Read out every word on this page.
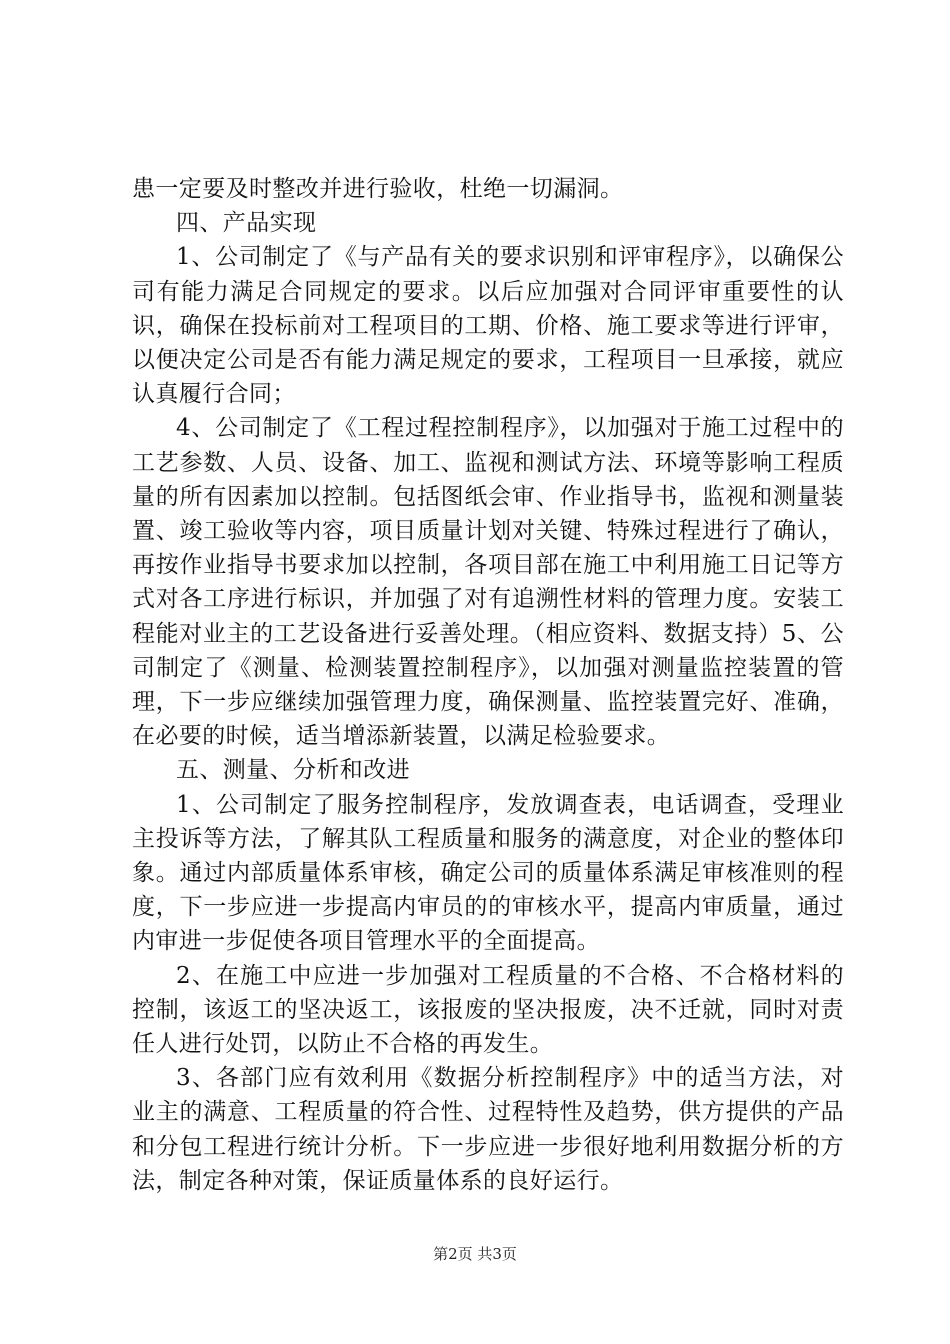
患一定要及时整改并进行验收，杜绝一切漏洞。

四、产品实现

1、公司制定了《与产品有关的要求识别和评审程序》，以确保公司有能力满足合同规定的要求。以后应加强对合同评审重要性的认识，确保在投标前对工程项目的工期、价格、施工要求等进行评审，以便决定公司是否有能力满足规定的要求，工程项目一旦承接，就应认真履行合同；

4、公司制定了《工程过程控制程序》，以加强对于施工过程中的工艺参数、人员、设备、加工、监视和测试方法、环境等影响工程质量的所有因素加以控制。包括图纸会审、作业指导书，监视和测量装置、竣工验收等内容，项目质量计划对关键、特殊过程进行了确认，再按作业指导书要求加以控制，各项目部在施工中利用施工日记等方式对各工序进行标识，并加强了对有追溯性材料的管理力度。安装工程能对业主的工艺设备进行妥善处理。（相应资料、数据支持）5、公司制定了《测量、检测装置控制程序》，以加强对测量监控装置的管理，下一步应继续加强管理力度，确保测量、监控装置完好、准确，在必要的时候，适当增添新装置，以满足检验要求。

五、测量、分析和改进

1、公司制定了服务控制程序，发放调查表，电话调查，受理业主投诉等方法，了解其队工程质量和服务的满意度，对企业的整体印象。通过内部质量体系审核，确定公司的质量体系满足审核准则的程度，下一步应进一步提高内审员的的审核水平，提高内审质量，通过内审进一步促使各项目管理水平的全面提高。

2、在施工中应进一步加强对工程质量的不合格、不合格材料的控制，该返工的坚决返工，该报废的坚决报废，决不迁就，同时对责任人进行处罚，以防止不合格的再发生。

3、各部门应有效利用《数据分析控制程序》中的适当方法，对业主的满意、工程质量的符合性、过程特性及趋势，供方提供的产品和分包工程进行统计分析。下一步应进一步很好地利用数据分析的方法，制定各种对策，保证质量体系的良好运行。

第2页 共3页
